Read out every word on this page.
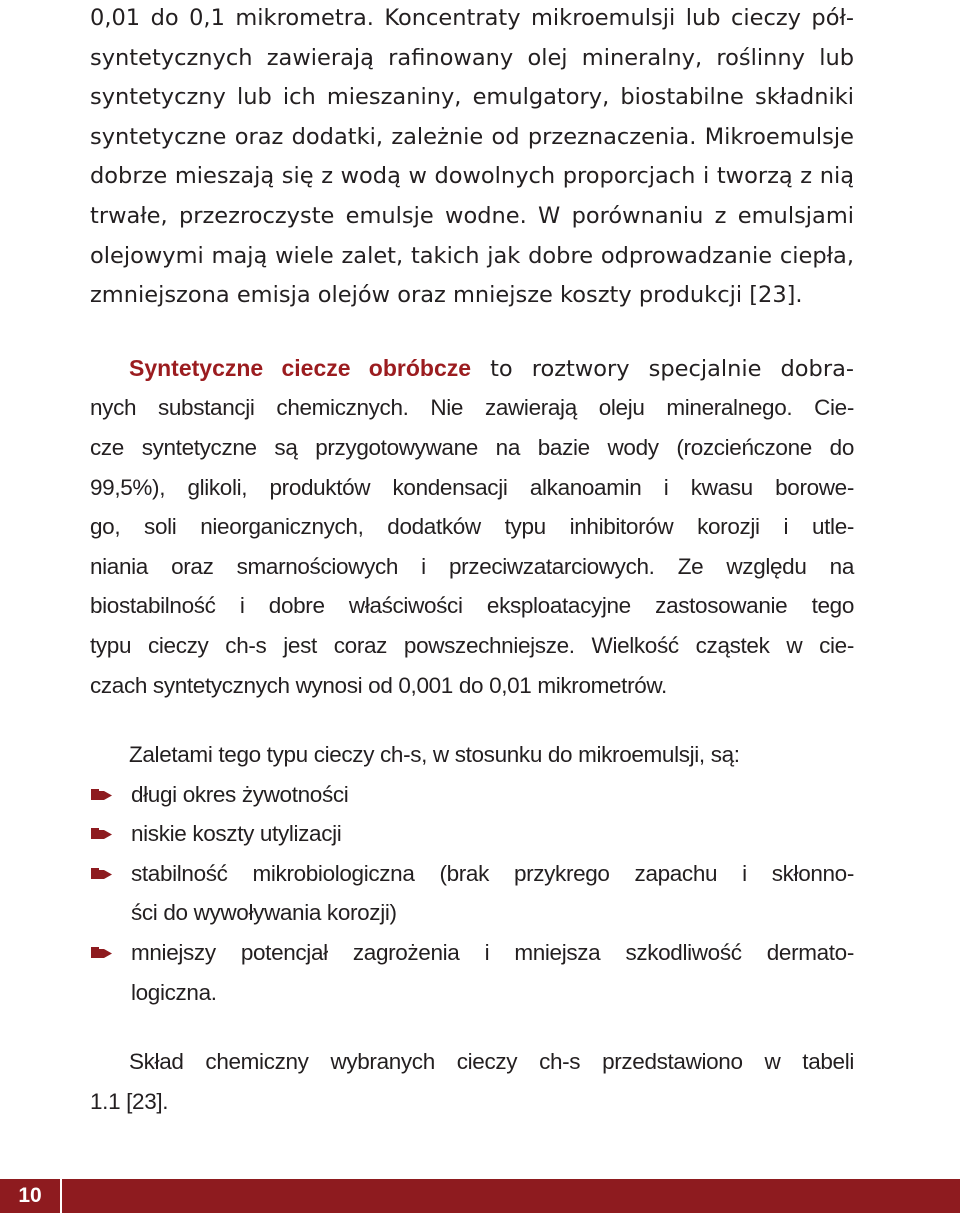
0,01 do 0,1 mikrometra. Koncentraty mikroemulsji lub cieczy pół-
syntetycznych zawierają rafinowany olej mineralny, roślinny lub
syntetyczny lub ich mieszaniny, emulgatory, biostabilne składniki
syntetyczne oraz dodatki, zależnie od przeznaczenia. Mikroemulsje
dobrze mieszają się z wodą w dowolnych proporcjach i tworzą z nią
trwałe, przezroczyste emulsje wodne. W porównaniu z emulsjami
olejowymi mają wiele zalet, takich jak dobre odprowadzanie ciepła,
zmniejszona emisja olejów oraz mniejsze koszty produkcji [23].
Syntetyczne ciecze obróbcze to roztwory specjalnie dobra-
nych substancji chemicznych. Nie zawierają oleju mineralnego. Cie-
cze syntetyczne są przygotowywane na bazie wody (rozcieńczone do
99,5%), glikoli, produktów kondensacji alkanoamin i kwasu borowe-
go, soli nieorganicznych, dodatków typu inhibitorów korozji i utle-
niania oraz smarnościowych i przeciwzatarciowych. Ze względu na
biostabilność i dobre właściwości eksploatacyjne zastosowanie tego
typu cieczy ch-s jest coraz powszechniejsze. Wielkość cząstek w cie-
czach syntetycznych wynosi od 0,001 do 0,01 mikrometrów.
Zaletami tego typu cieczy ch-s, w stosunku do mikroemulsji, są:
długi okres żywotności
niskie koszty utylizacji
stabilność mikrobiologiczna (brak przykrego zapachu i skłonno-
ści do wywoływania korozji)
mniejszy potencjał zagrożenia i mniejsza szkodliwość dermato-
logiczna.
Skład chemiczny wybranych cieczy ch-s przedstawiono w tabeli
1.1 [23].
10
